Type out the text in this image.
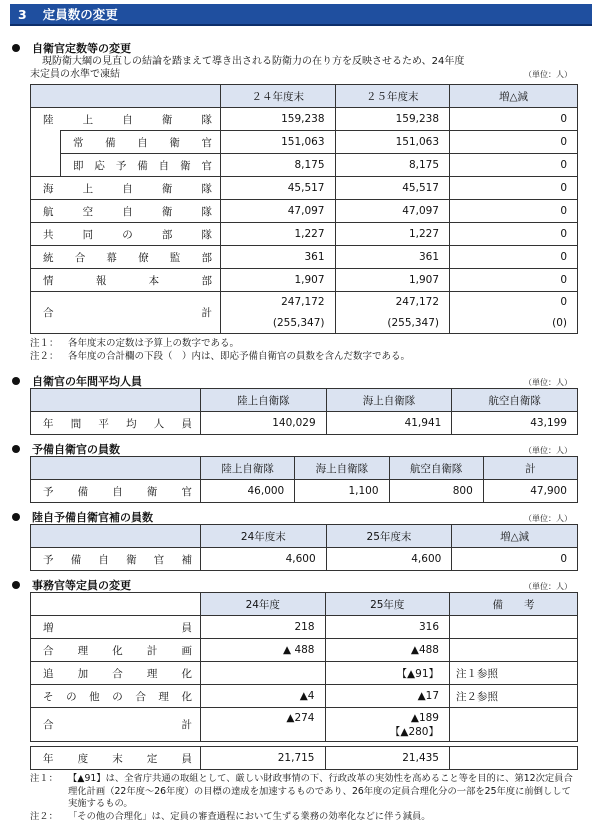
3 定員数の変更
自衛官定数等の変更
現防衛大綱の見直しの結論を踏まえて導き出される防衛力の在り方を反映させるため、24年度
末定員の水準で凍結	（単位：人）
		２４年度末	２５年度末	増△減
陸上自衛隊		159,238	159,238	0
	常備自衛官	151,063	151,063	0
	即応予備自衛官	8,175	8,175	0
海上自衛隊		45,517	45,517	0
航空自衛隊		47,097	47,097	0
共同の部隊		1,227	1,227	0
統合幕僚監部		361	361	0
情報本部		1,907	1,907	0
合計		247,172	247,172	0
		(255,347)	(255,347)	(0)
注１： 各年度末の定数は予算上の数字である。
注２： 各年度の合計欄の下段（　）内は、即応予備自衛官の員数を含んだ数字である。
自衛官の年間平均人員	（単位：人）
	陸上自衛隊	海上自衛隊	航空自衛隊
年間平均人員	140,029	41,941	43,199
予備自衛官の員数	（単位：人）
	陸上自衛隊	海上自衛隊	航空自衛隊	計
予備自衛官	46,000	1,100	800	47,900
陸自予備自衛官補の員数	（単位：人）
	24年度末	25年度末	増△減
予備自衛官補	4,600	4,600	0
事務官等定員の変更	（単位：人）
	24年度	25年度	備　　考
増員	218	316	
合理化計画	▲ 488	▲488	
追加合理化		【▲91】	注１参照
その他の合理化	▲4	▲17	注２参照
合計	▲274	▲189
【▲280】	

年度末定員	21,715	21,435	
注１：	【▲91】は、全省庁共通の取組として、厳しい財政事情の下、行政改革の実効性を高めること等を目的に、第12次定員合理化計画（22年度～26年度）の目標の達成を加速するものであり、26年度の定員合理化分の一部を25年度に前倒しして実施するもの。
注２：	「その他の合理化」は、定員の審査過程において生ずる業務の効率化などに伴う減員。
